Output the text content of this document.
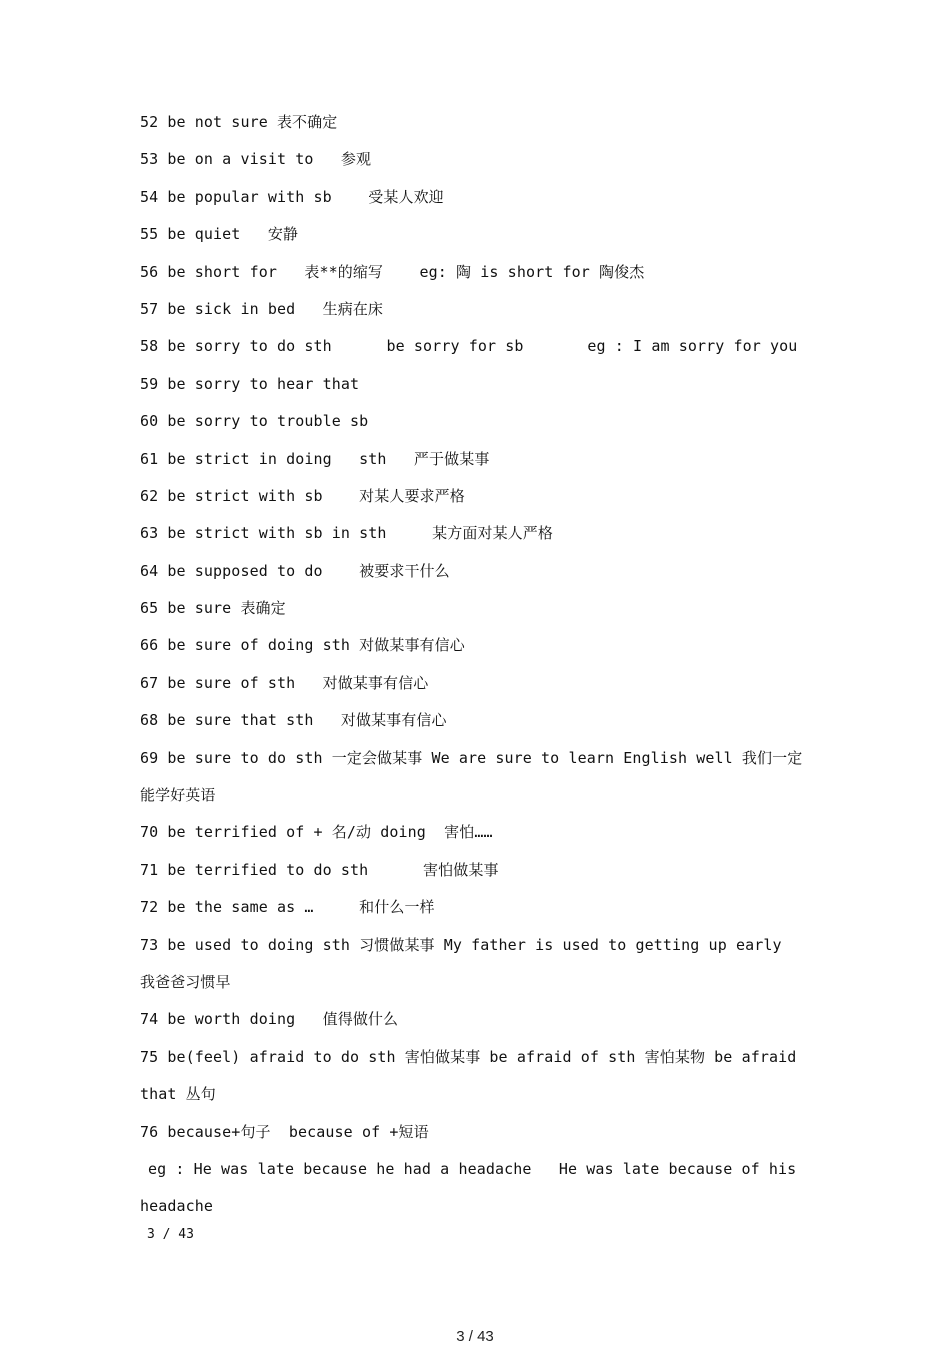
52 be not sure 表不确定
53 be on a visit to   参观
54 be popular with sb    受某人欢迎
55 be quiet   安静
56 be short for   表**的缩写    eg: 陶 is short for 陶俊杰
57 be sick in bed   生病在床
58 be sorry to do sth      be sorry for sb       eg : I am sorry for you
59 be sorry to hear that
60 be sorry to trouble sb
61 be strict in doing   sth   严于做某事
62 be strict with sb    对某人要求严格
63 be strict with sb in sth     某方面对某人严格
64 be supposed to do    被要求干什么
65 be sure 表确定
66 be sure of doing sth 对做某事有信心
67 be sure of sth   对做某事有信心
68 be sure that sth   对做某事有信心
69 be sure to do sth 一定会做某事 We are sure to learn English well 我们一定
能学好英语
70 be terrified of + 名/动 doing  害怕……
71 be terrified to do sth      害怕做某事
72 be the same as …     和什么一样
73 be used to doing sth 习惯做某事 My father is used to getting up early
我爸爸习惯早
74 be worth doing   值得做什么
75 be(feel) afraid to do sth 害怕做某事 be afraid of sth 害怕某物 be afraid
that 丛句
76 because+句子  because of +短语
eg : He was late because he had a headache   He was late because of his
headache
3 / 43
3 / 43
